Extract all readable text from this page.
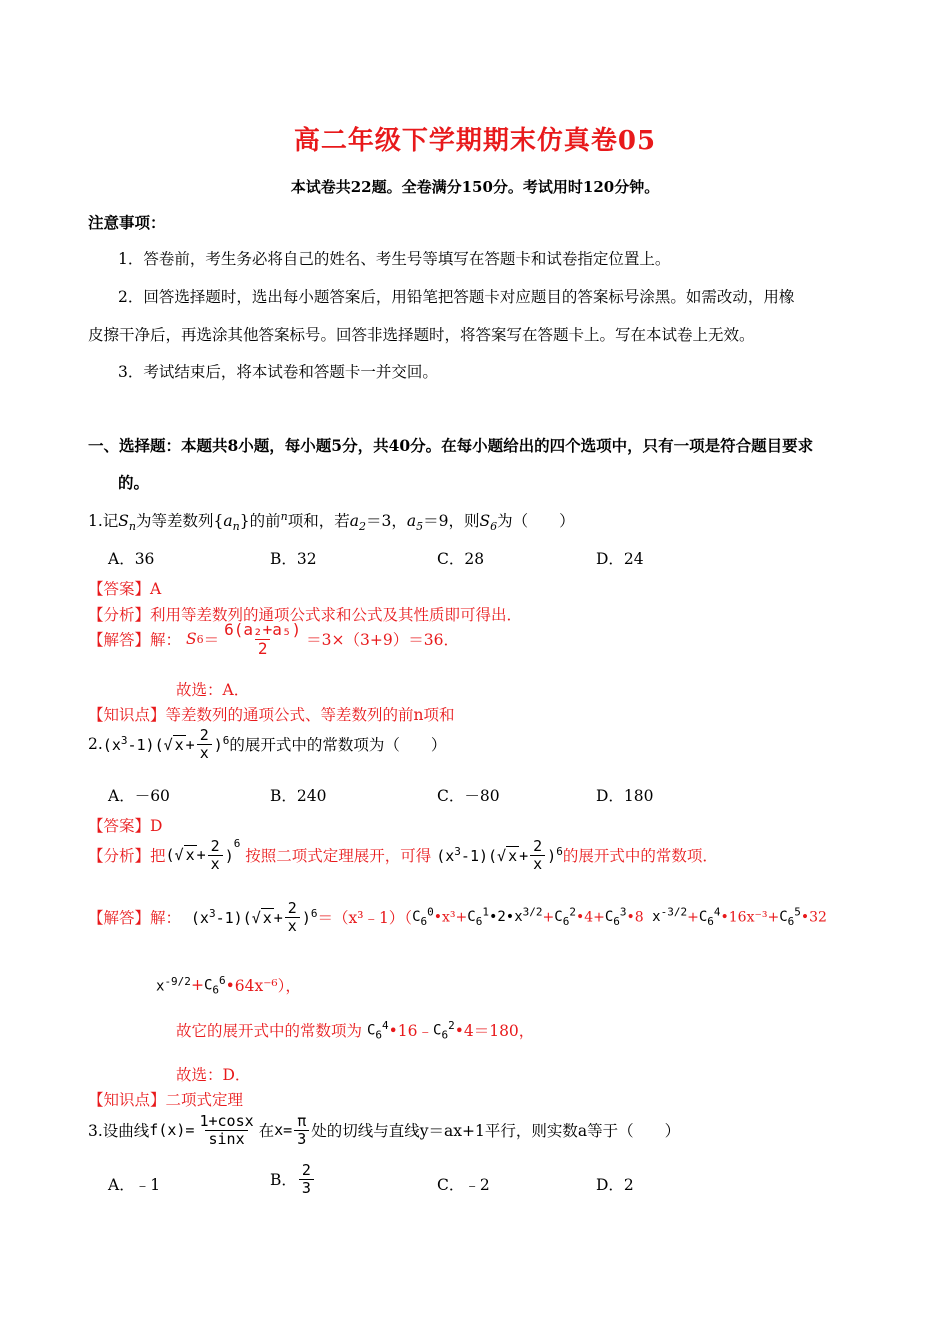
高二年级下学期期末仿真卷05
本试卷共22题。全卷满分150分。考试用时120分钟。
注意事项：
1．答卷前，考生务必将自己的姓名、考生号等填写在答题卡和试卷指定位置上。
2．回答选择题时，选出每小题答案后，用铅笔把答题卡对应题目的答案标号涂黑。如需改动，用橡
皮擦干净后，再选涂其他答案标号。回答非选择题时，将答案写在答题卡上。写在本试卷上无效。
3．考试结束后，将本试卷和答题卡一并交回。
一、选择题：本题共8小题，每小题5分，共40分。在每小题给出的四个选项中，只有一项是符合题目要求
的。
1.记$S_n$为等差数列$\{a_n\}$的前$^n$项和，若$a_2=3$，$a_5=9$，则$S_6$为（　　）
A．36	B．32	C．28	D．24
【答案】A
【分析】利用等差数列的通项公式求和公式及其性质即可得出．
【解答】 解：
S $6 = \frac{\text{6(a₂+a₅)}}{2} =3\times(3+9)=36$．
故选：A．
【知识点】等差数列的通项公式、等差数列的前n项和
2. $(x^3-1)(√$ $x + \frac{2}{x} )^6$ 的展开式中的常数项为（　　）
A．－60	B．240	C．－80	D．180
【答案】D
【分析】 把 (√ $x + \frac{2}{x} )^6$

按照二项式定理展开，可得
$(x^3-1)(√$ $x + \frac{2}{x} )^6$ 的展开式中的常数项．
【解答】 解：
$(x^3-1)(√$ $x + \frac{2}{x} )^6$ ＝（x³﹣1）（ $C_6^0•x^3+C_6^1•2•x^{3/2}+C_6^2•4+C_6^3•8$ $x^{-3/2}+C_6^4•16x^{-3}+C_6^5•32$
$x^{-9/2} + C_6^6$ •64x⁻⁶），
故它的展开式中的常数项为
$C_6^4$ •16﹣ $C_6^2$ •4＝180，
故选：D．
【知识点】二项式定理
3.设曲线 $f(x)= \frac{1+\cos x}{\sin x}$ 在 $x= \frac{\pi}{3}$ 处的切线与直线y＝ax+1平行，则实数a等于（　　）
A．﹣1	B． $\frac{2}{3}$	C．﹣2	D．2
